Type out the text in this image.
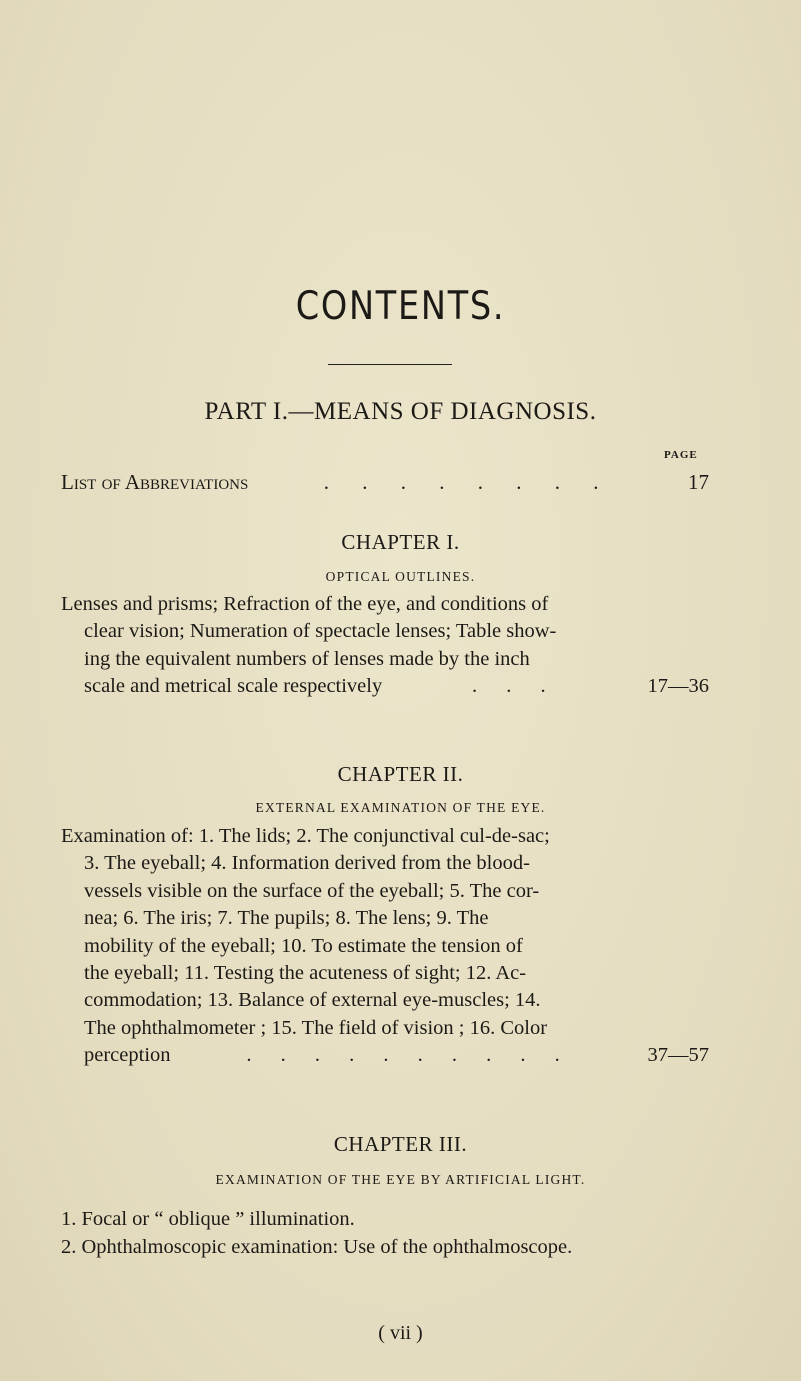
CONTENTS.
PART I.—MEANS OF DIAGNOSIS.
PAGE
List of Abbreviations	. . . . . . . .	17
CHAPTER I.
OPTICAL OUTLINES.
Lenses and prisms; Refraction of the eye, and conditions of
clear vision; Numeration of spectacle lenses; Table show-
ing the equivalent numbers of lenses made by the inch
scale and metrical scale respectively	. . .	17—36
CHAPTER II.
EXTERNAL EXAMINATION OF THE EYE.
Examination of: 1. The lids; 2. The conjunctival cul-de-sac;
3. The eyeball; 4. Information derived from the blood-
vessels visible on the surface of the eyeball; 5. The cor-
nea; 6. The iris; 7. The pupils; 8. The lens; 9. The
mobility of the eyeball; 10. To estimate the tension of
the eyeball; 11. Testing the acuteness of sight; 12. Ac-
commodation; 13. Balance of external eye-muscles; 14.
The ophthalmometer ; 15. The field of vision ; 16. Color
perception	. . . . . . . . . .	37—57
CHAPTER III.
EXAMINATION OF THE EYE BY ARTIFICIAL LIGHT.
1. Focal or “ oblique ” illumination.
2. Ophthalmoscopic examination: Use of the ophthalmoscope.
( vii )
